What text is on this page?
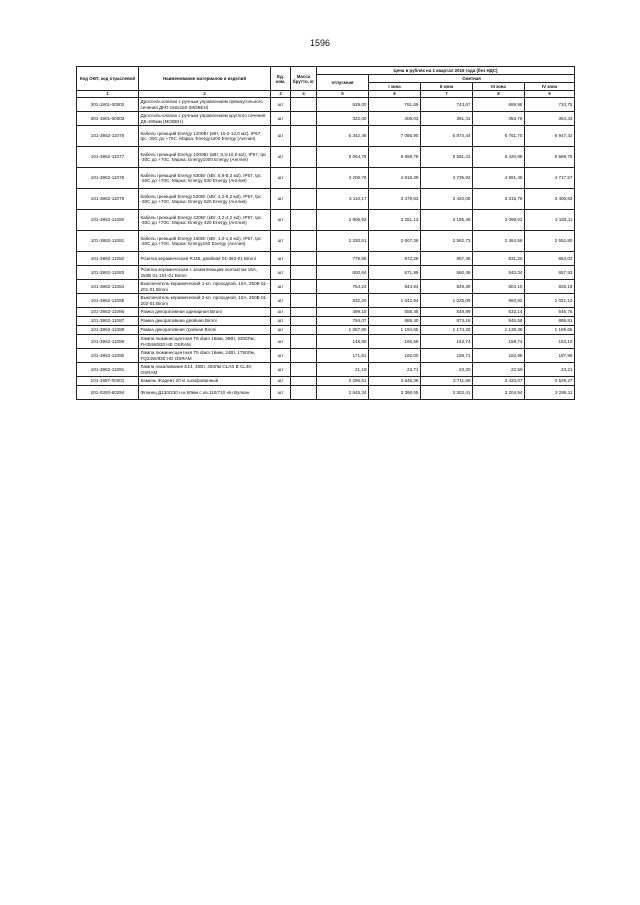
1596
Код ОКП, код отраслевой	Наименование материалов и изделий	Ед. изм.	Масса брутто, кг	Цена в рублях на 1 квартал 2016 года (без НДС)				
				отпускная	Сметная			
					I зона	II зона	III зона	IV зона
1	2	3	4	5	6	7	8	9
301-1901-00002	Дроссель-клапан с ручным управлением прямоугольного сечения ДКП-150х150 (МОВЕН)	шт		629,00	761,69	743,67	689,98	710,75
301-1901-00003	Дроссель-клапан с ручным управлением круглого сечения ДК-160мм (МОВЕН)	шт		322,00	406,03	381,41	353,78	364,43
101-3862-11076	Кабель греющий Energy 1200Вт (кВт, 15,0-12,0 м2), IP67, tрс -30С до +70С. Марка: Energy1200 Energy (Англия)	шт		6 342,46	7 085,90	6 874,44	6 761,70	6 947,42
101-3862-11077	Кабель греющий Energy 1000Вт (кВт, 8,3-10,0 м2), IP67, tрс -30С до +70С. Марка: Energy1000 Energy (Англия)	шт		5 064,75	5 668,78	5 591,41	5 420,88	5 569,75
101-3862-11078	Кабель греющий Energy 830Вт (кВт, 6,9-8,3 м2), IP67, tрс -30С до +70С. Марка: Energy 830 Energy (Англия)	шт		4 206,76	4 818,39	4 735,92	4 591,46	4 717,57
101-3862-11079	Кабель греющий Energy 520Вт (кВт, 4,2-5,2 м2), IP67, tрс -30С до +70С. Марка: Energy 520 Energy (Англия)	шт		3 110,17	3 479,63	3 420,08	3 315,76	3 406,83
101-3862-11080	Кабель греющий Energy 420Вт (кВт, 3,2-4,2 м2), IP67, tрс -30С до +70С. Марка: Energy 420 Energy (Англия)	шт		2 905,93	3 251,13	3 195,49	3 098,02	3 183,11
101-3862-11081	Кабель греющий Energy 150Вт (кВт, 1,0-1,5 м2), IP67, tрс -30С до +70С. Марка: Energy150 Energy (Англия)	шт		2 330,51	2 607,36	2 562,73	2 484,56	2 552,80
101-3862-11082	Розетка керамическая RJ45, двойная 01-362-01 Bironi	шт		779,66	872,28	857,35	831,20	854,03
101-3862-11083	Розетка керамическая с заземляющим контактом 16А, 250В 01-101-01 Bironi	шт		600,64	671,99	660,49	640,34	657,93
101-3862-11084	Выключатель керамический 1-кл. проходной, 10А, 250В 01-201-01 Bironi	шт		754,24	843,84	829,39	804,10	826,18
101-3862-11085	Выключатель керамический 2-кл. проходной, 10А, 250В 01-202-01 Bironi	шт		932,20	1 042,94	1 025,09	993,82	1 021,12
101-3862-11086	Рамка декоративная одинарная Bironi	шт		499,15	558,45	548,89	532,14	546,76
101-3862-11087	Рамка декоративная двойная Bironi	шт		794,07	888,40	873,19	846,56	869,81
101-3862-11088	Рамка декоративная тройная Bironi	шт		1 067,80	1 194,65	1 174,20	1 138,38	1 169,65
101-3862-11089	Лампа люминесцентная T5 diam 16мм, 35Вт, 3300Лм, FH35W/830 HE OSRAM	шт		148,90	166,59	163,74	158,74	163,10
101-3862-11090	Лампа люминесцентная T5 diam 16мм, 24Вт, 1750Лм, FQ24W/830 HO OSRAM	шт		171,61	192,00	188,71	182,95	187,98
101-3862-11091	Лампа накаливания E14, 40Вт, 400Лм CLAS B CL40, OSRAM	шт		21,19	23,71	23,30	22,59	23,21
101-1957-00001	Камень Жадеит 20 кг шлифованный	шт		3 296,61	3 645,38	3 711,68	3 433,07	3 529,27
201-0393-60294	Фланец Д130/230 н.н.50мм с из.110/710 н/н Вулкан	шт		2 645,34	3 398,65	3 302,41	3 204,94	3 285,11
